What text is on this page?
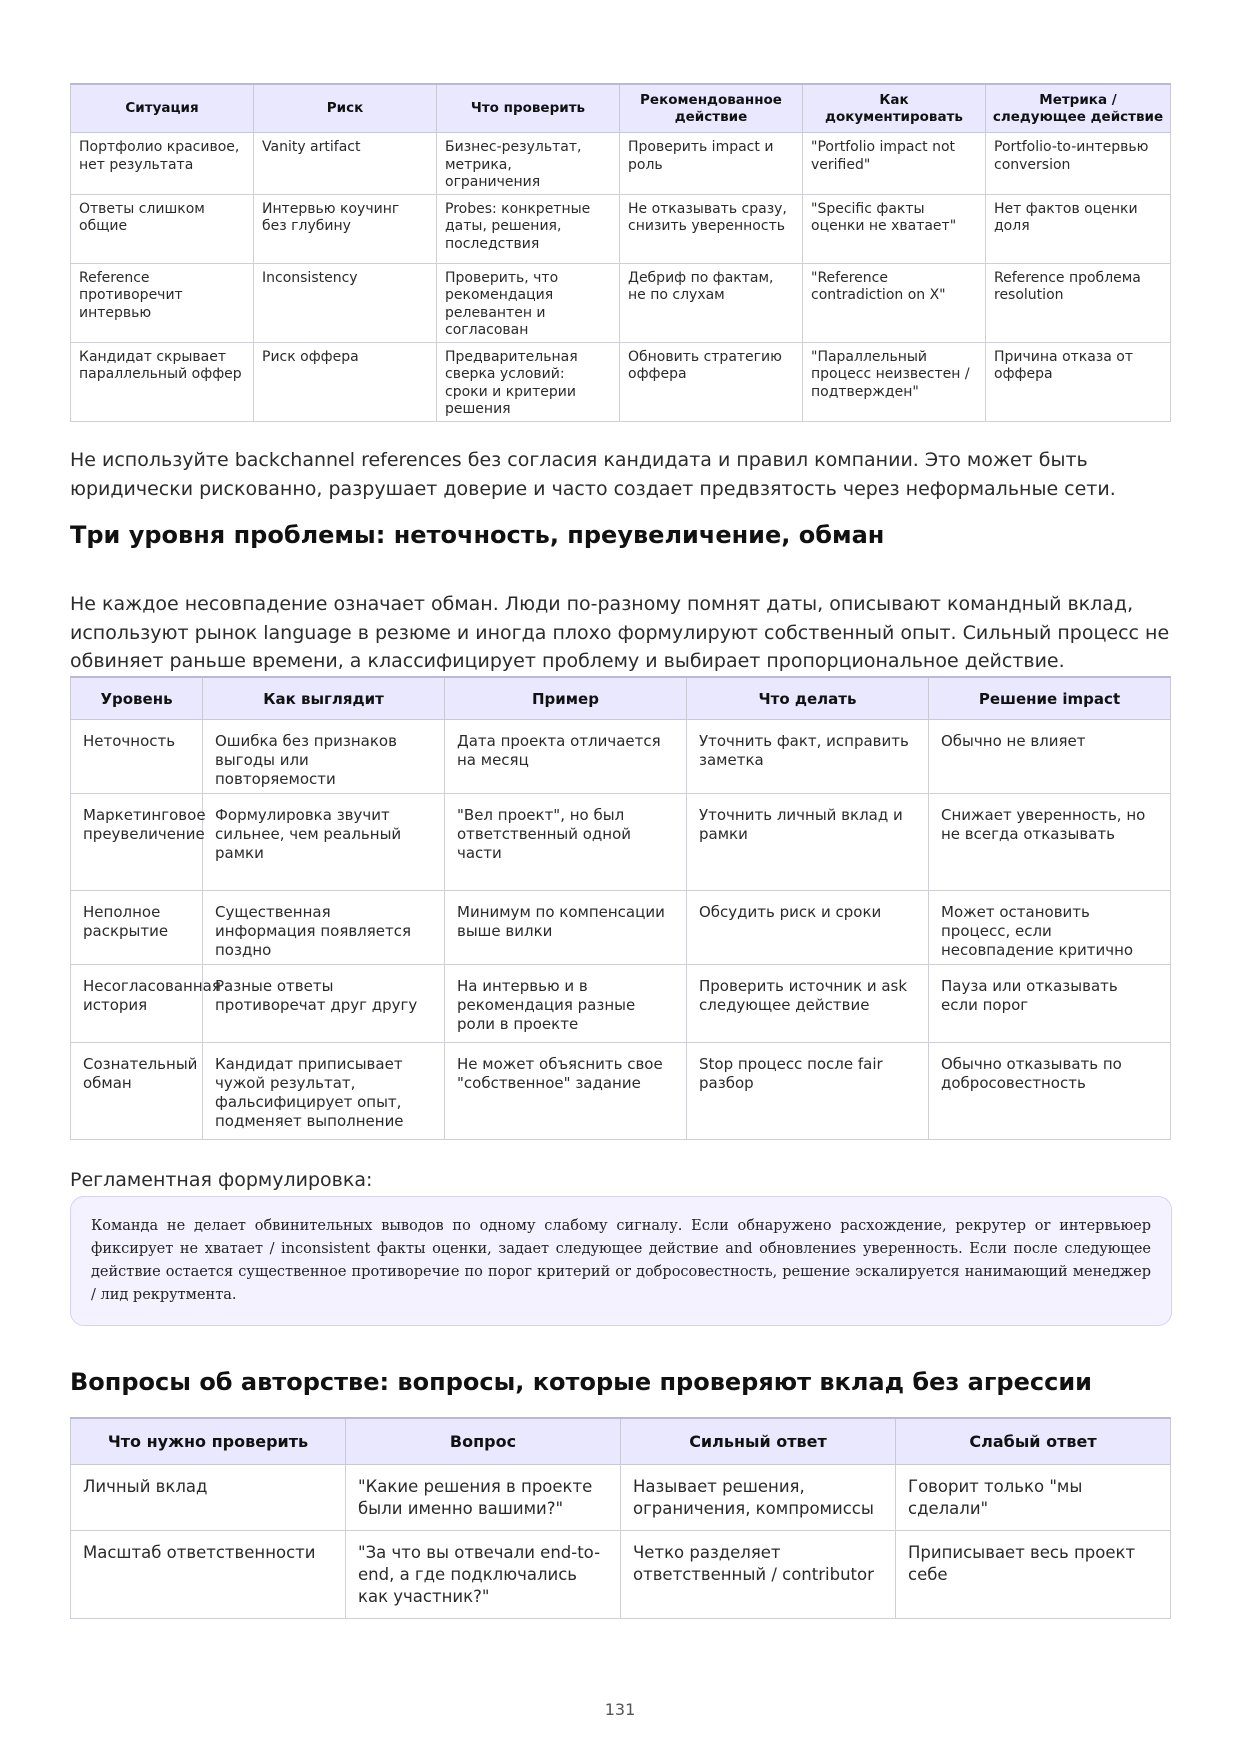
Ситуация	Риск	Что проверить	Рекомендованное действие	Как документировать	Метрика / следующее действие
Портфолио красивое, нет результата	Vanity artifact	Бизнес-результат, метрика, ограничения	Проверить impact и роль	"Portfolio impact not verified"	Portfolio-to-интервью conversion
Ответы слишком общие	Интервью коучинг без глубину	Probes: конкретные даты, решения, последствия	Не отказывать сразу, снизить уверенность	"Specific факты оценки не хватает"	Нет фактов оценки доля
Reference противоречит интервью	Inconsistency	Проверить, что рекомендация релевантен и согласован	Дебриф по фактам, не по слухам	"Reference contradiction on X"	Reference проблема resolution
Кандидат скрывает параллельный оффер	Риск оффера	Предварительная сверка условий: сроки и критерии решения	Обновить стратегию оффера	"Параллельный процесс неизвестен / подтвержден"	Причина отказа от оффера

Не используйте backchannel references без согласия кандидата и правил компании. Это может быть юридически рискованно, разрушает доверие и часто создает предвзятость через неформальные сети.

Три уровня проблемы: неточность, преувеличение, обман

Не каждое несовпадение означает обман. Люди по-разному помнят даты, описывают командный вклад, используют рынок language в резюме и иногда плохо формулируют собственный опыт. Сильный процесс не обвиняет раньше времени, а классифицирует проблему и выбирает пропорциональное действие.

Уровень	Как выглядит	Пример	Что делать	Решение impact
Неточность	Ошибка без признаков выгоды или повторяемости	Дата проекта отличается на месяц	Уточнить факт, исправить заметка	Обычно не влияет
Маркетинговое преувеличение	Формулировка звучит сильнее, чем реальный рамки	"Вел проект", но был ответственный одной части	Уточнить личный вклад и рамки	Снижает уверенность, но не всегда отказывать
Неполное раскрытие	Существенная информация появляется поздно	Минимум по компенсации выше вилки	Обсудить риск и сроки	Может остановить процесс, если несовпадение критично
Несогласованная история	Разные ответы противоречат друг другу	На интервью и в рекомендация разные роли в проекте	Проверить источник и ask следующее действие	Пауза или отказывать если порог
Сознательный обман	Кандидат приписывает чужой результат, фальсифицирует опыт, подменяет выполнение	Не может объяснить свое "собственное" задание	Stop процесс после fair разбор	Обычно отказывать по добросовестность

Регламентная формулировка:

Команда не делает обвинительных выводов по одному слабому сигналу. Если обнаружено расхождение, рекрутер or интервьюер фиксирует не хватает / inconsistent факты оценки, задает следующее действие and обновлениes уверенность. Если после следующее действие остается существенное противоречие по порог критерий or добросовестность, решение эскалируется нанимающий менеджер / лид рекрутмента.
Вопросы об авторстве: вопросы, которые проверяют вклад без агрессии
Что нужно проверить	Вопрос	Сильный ответ	Слабый ответ
Личный вклад	"Какие решения в проекте были именно вашими?"	Называет решения, ограничения, компромиссы	Говорит только "мы сделали"
Масштаб ответственности	"За что вы отвечали end-to-end, а где подключались как участник?"	Четко разделяет ответственный / contributor	Приписывает весь проект себе
131
